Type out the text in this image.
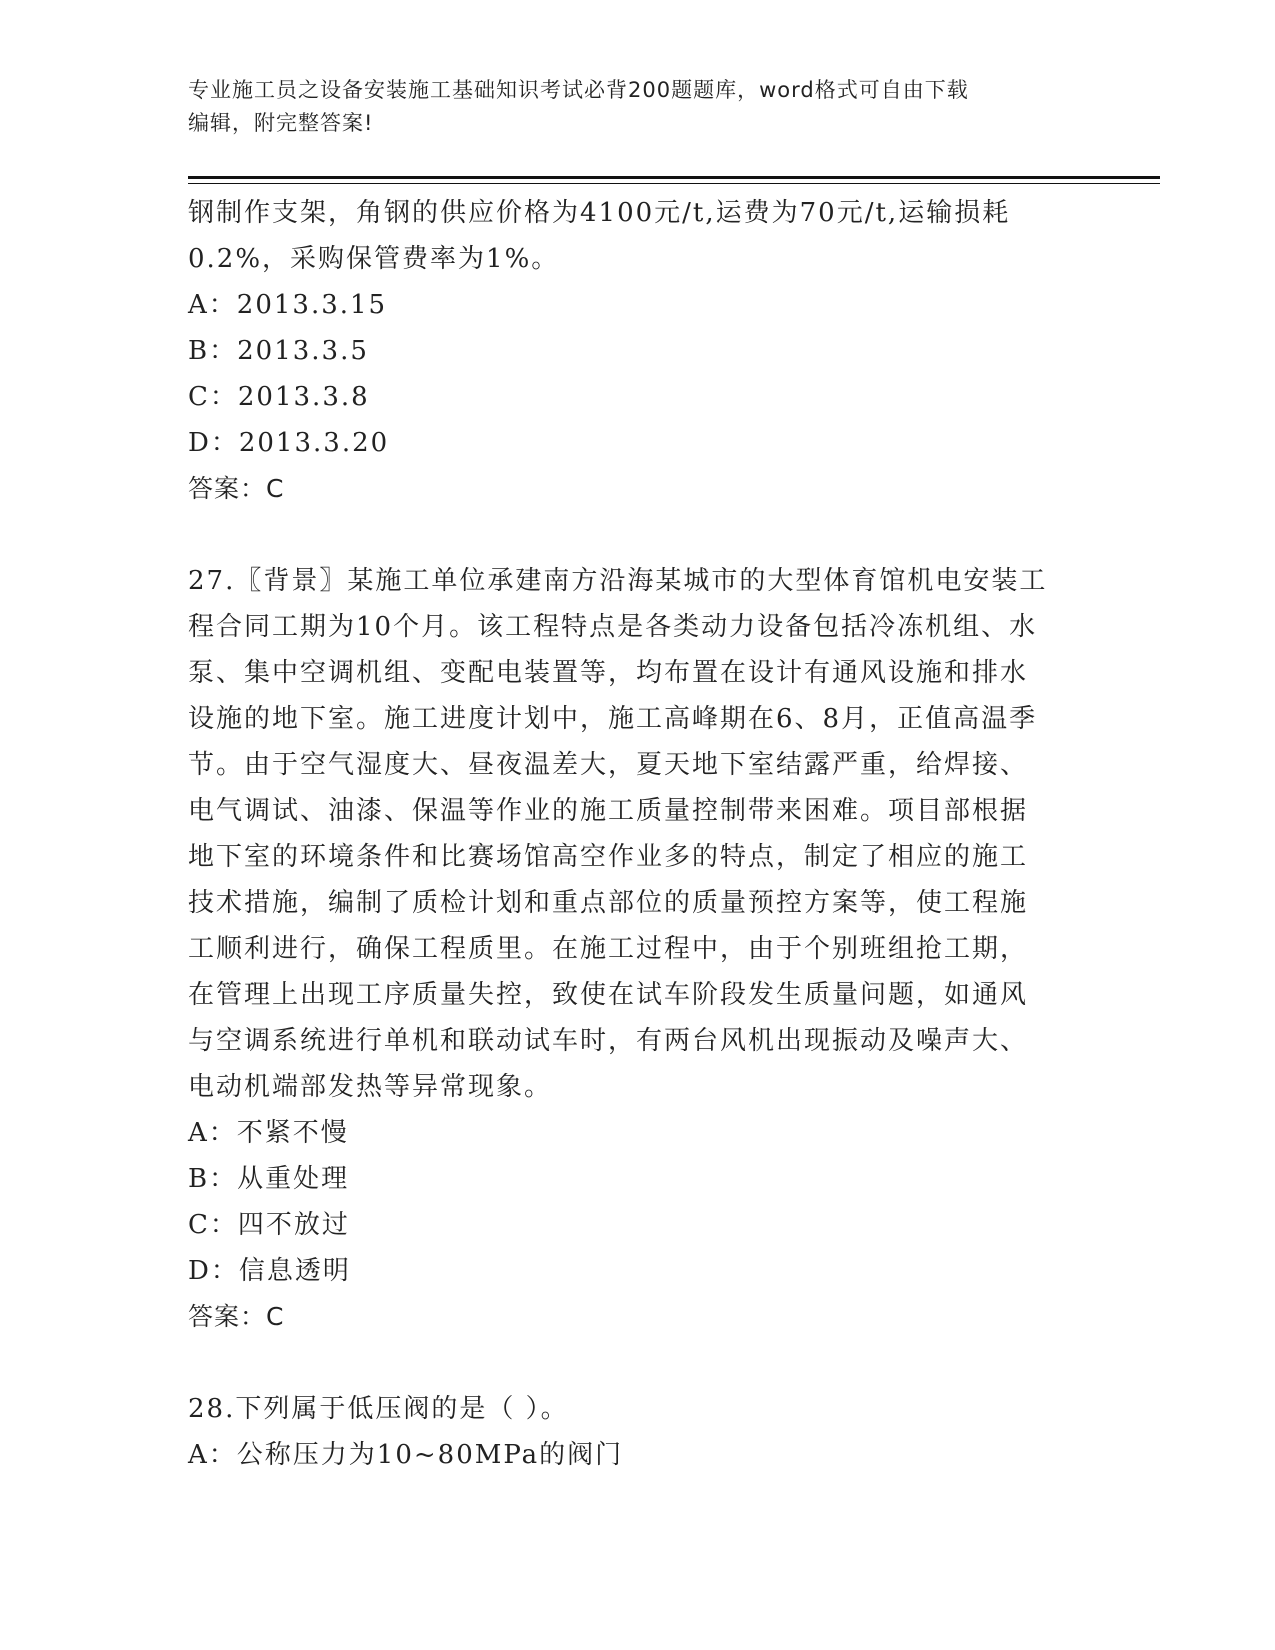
专业施工员之设备安装施工基础知识考试必背200题题库，word格式可自由下载
编辑，附完整答案!
钢制作支架，角钢的供应价格为4100元/t,运费为70元/t,运输损耗
0.2%，采购保管费率为1%。
A：2013.3.15
B：2013.3.5
C：2013.3.8
D：2013.3.20
答案：C
27.〖背景〗某施工单位承建南方沿海某城市的大型体育馆机电安装工
程合同工期为10个月。该工程特点是各类动力设备包括冷冻机组、水
泵、集中空调机组、变配电装置等，均布置在设计有通风设施和排水
设施的地下室。施工进度计划中，施工高峰期在6、8月，正值高温季
节。由于空气湿度大、昼夜温差大，夏天地下室结露严重，给焊接、
电气调试、油漆、保温等作业的施工质量控制带来困难。项目部根据
地下室的环境条件和比赛场馆高空作业多的特点，制定了相应的施工
技术措施，编制了质检计划和重点部位的质量预控方案等，使工程施
工顺利进行，确保工程质里。在施工过程中，由于个别班组抢工期，
在管理上出现工序质量失控，致使在试车阶段发生质量问题，如通风
与空调系统进行单机和联动试车时，有两台风机出现振动及噪声大、
电动机端部发热等异常现象。
A：不紧不慢
B：从重处理
C：四不放过
D：信息透明
答案：C
28.下列属于低压阀的是（ ）。
A：公称压力为10~80MPa的阀门
